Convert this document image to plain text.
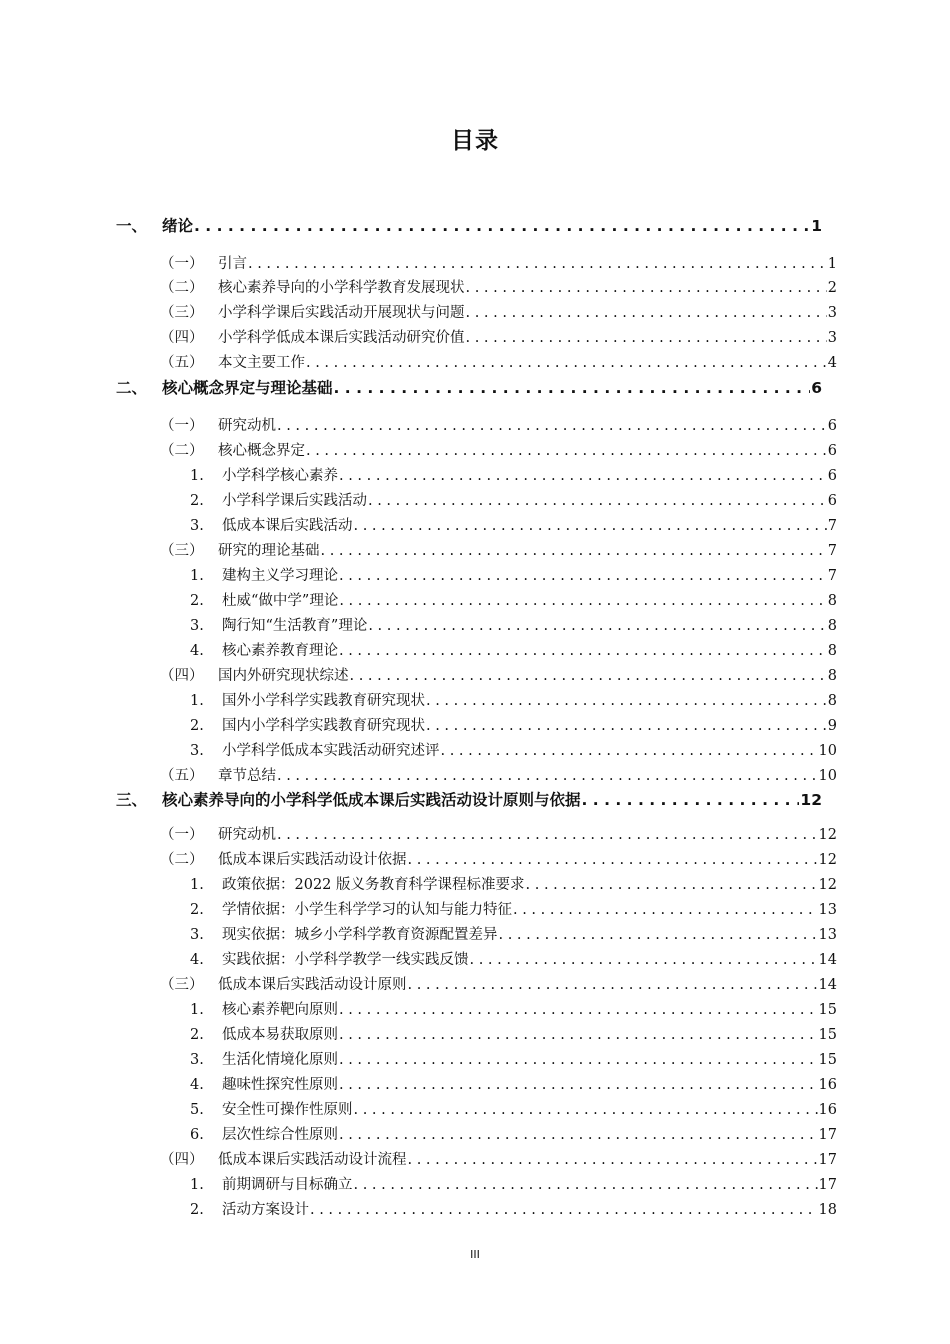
目录
一、 绪论 . . .	1
（一）	引言 . . .	1
（二）	核心素养导向的小学科学教育发展现状 . . .	2
（三）	小学科学课后实践活动开展现状与问题 . . .	3
（四）	小学科学低成本课后实践活动研究价值 . . .	3
（五）	本文主要工作 . . .	4
二、 核心概念界定与理论基础 . . .	6
（一）	研究动机 . . .	6
（二）	核心概念界定 . . .	6
1.	小学科学核心素养 . . .	6
2.	小学科学课后实践活动 . . .	6
3.	低成本课后实践活动 . . .	7
（三）	研究的理论基础 . . .	7
1.	建构主义学习理论 . . .	7
2.	杜威“做中学”理论 . . .	8
3.	陶行知“生活教育”理论 . . .	8
4.	核心素养教育理论 . . .	8
（四）	国内外研究现状综述 . . .	8
1.	国外小学科学实践教育研究现状 . . .	8
2.	国内小学科学实践教育研究现状 . . .	9
3.	小学科学低成本实践活动研究述评 . . .	10
（五）	章节总结 . . .	10
三、 核心素养导向的小学科学低成本课后实践活动设计原则与依据 . . .	12
（一）	研究动机 . . .	12
（二）	低成本课后实践活动设计依据 . . .	12
1.	政策依据：2022 版义务教育科学课程标准要求 . . .	12
2.	学情依据：小学生科学学习的认知与能力特征 . . .	13
3.	现实依据：城乡小学科学教育资源配置差异 . . .	13
4.	实践依据：小学科学教学一线实践反馈 . . .	14
（三）	低成本课后实践活动设计原则 . . .	14
1.	核心素养靶向原则 . . .	15
2.	低成本易获取原则 . . .	15
3.	生活化情境化原则 . . .	15
4.	趣味性探究性原则 . . .	16
5.	安全性可操作性原则 . . .	16
6.	层次性综合性原则 . . .	17
（四）	低成本课后实践活动设计流程 . . .	17
1.	前期调研与目标确立 . . .	17
2.	活动方案设计 . . .	18
III
